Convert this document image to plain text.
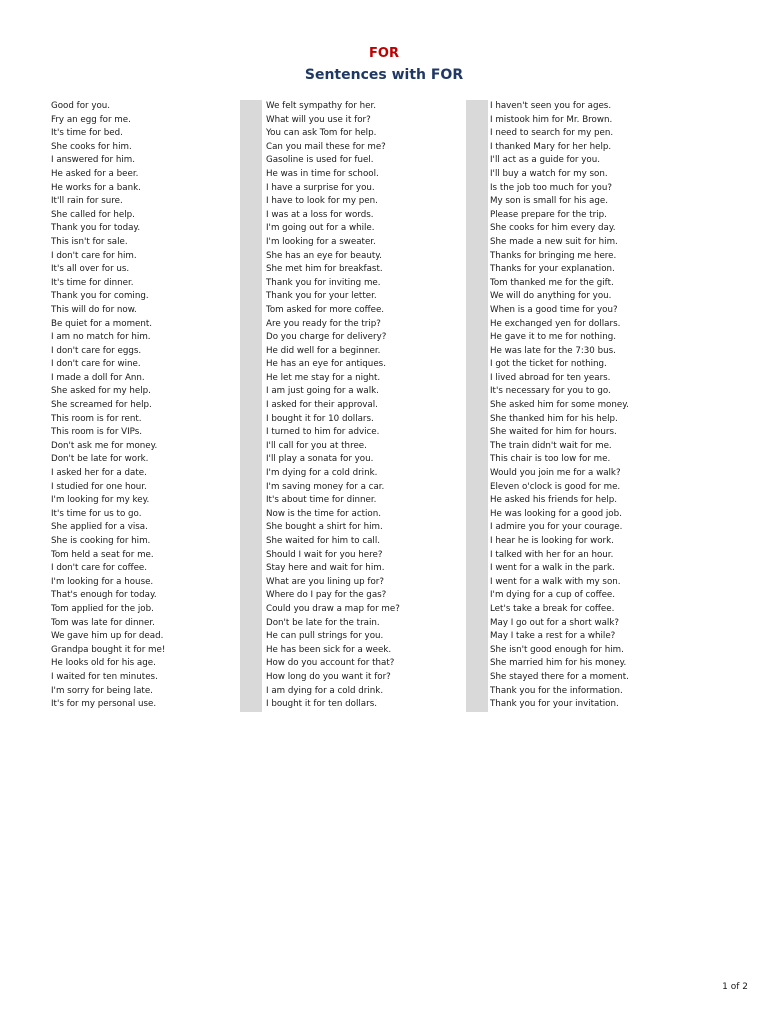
FOR
Sentences with FOR
Good for you.
Fry an egg for me.
It's time for bed.
She cooks for him.
I answered for him.
He asked for a beer.
He works for a bank.
It'll rain for sure.
She called for help.
Thank you for today.
This isn't for sale.
I don't care for him.
It's all over for us.
It's time for dinner.
Thank you for coming.
This will do for now.
Be quiet for a moment.
I am no match for him.
I don't care for eggs.
I don't care for wine.
I made a doll for Ann.
She asked for my help.
She screamed for help.
This room is for rent.
This room is for VIPs.
Don't ask me for money.
Don't be late for work.
I asked her for a date.
I studied for one hour.
I'm looking for my key.
It's time for us to go.
She applied for a visa.
She is cooking for him.
Tom held a seat for me.
I don't care for coffee.
I'm looking for a house.
That's enough for today.
Tom applied for the job.
Tom was late for dinner.
We gave him up for dead.
Grandpa bought it for me!
He looks old for his age.
I waited for ten minutes.
I'm sorry for being late.
It's for my personal use.
We felt sympathy for her.
What will you use it for?
You can ask Tom for help.
Can you mail these for me?
Gasoline is used for fuel.
He was in time for school.
I have a surprise for you.
I have to look for my pen.
I was at a loss for words.
I'm going out for a while.
I'm looking for a sweater.
She has an eye for beauty.
She met him for breakfast.
Thank you for inviting me.
Thank you for your letter.
Tom asked for more coffee.
Are you ready for the trip?
Do you charge for delivery?
He did well for a beginner.
He has an eye for antiques.
He let me stay for a night.
I am just going for a walk.
I asked for their approval.
I bought it for 10 dollars.
I turned to him for advice.
I'll call for you at three.
I'll play a sonata for you.
I'm dying for a cold drink.
I'm saving money for a car.
It's about time for dinner.
Now is the time for action.
She bought a shirt for him.
She waited for him to call.
Should I wait for you here?
Stay here and wait for him.
What are you lining up for?
Where do I pay for the gas?
Could you draw a map for me?
Don't be late for the train.
He can pull strings for you.
He has been sick for a week.
How do you account for that?
How long do you want it for?
I am dying for a cold drink.
I bought it for ten dollars.
I haven't seen you for ages.
I mistook him for Mr. Brown.
I need to search for my pen.
I thanked Mary for her help.
I'll act as a guide for you.
I'll buy a watch for my son.
Is the job too much for you?
My son is small for his age.
Please prepare for the trip.
She cooks for him every day.
She made a new suit for him.
Thanks for bringing me here.
Thanks for your explanation.
Tom thanked me for the gift.
We will do anything for you.
When is a good time for you?
He exchanged yen for dollars.
He gave it to me for nothing.
He was late for the 7:30 bus.
I got the ticket for nothing.
I lived abroad for ten years.
It's necessary for you to go.
She asked him for some money.
She thanked him for his help.
She waited for him for hours.
The train didn't wait for me.
This chair is too low for me.
Would you join me for a walk?
Eleven o'clock is good for me.
He asked his friends for help.
He was looking for a good job.
I admire you for your courage.
I hear he is looking for work.
I talked with her for an hour.
I went for a walk in the park.
I went for a walk with my son.
I'm dying for a cup of coffee.
Let's take a break for coffee.
May I go out for a short walk?
May I take a rest for a while?
She isn't good enough for him.
She married him for his money.
She stayed there for a moment.
Thank you for the information.
Thank you for your invitation.
1 of 2
